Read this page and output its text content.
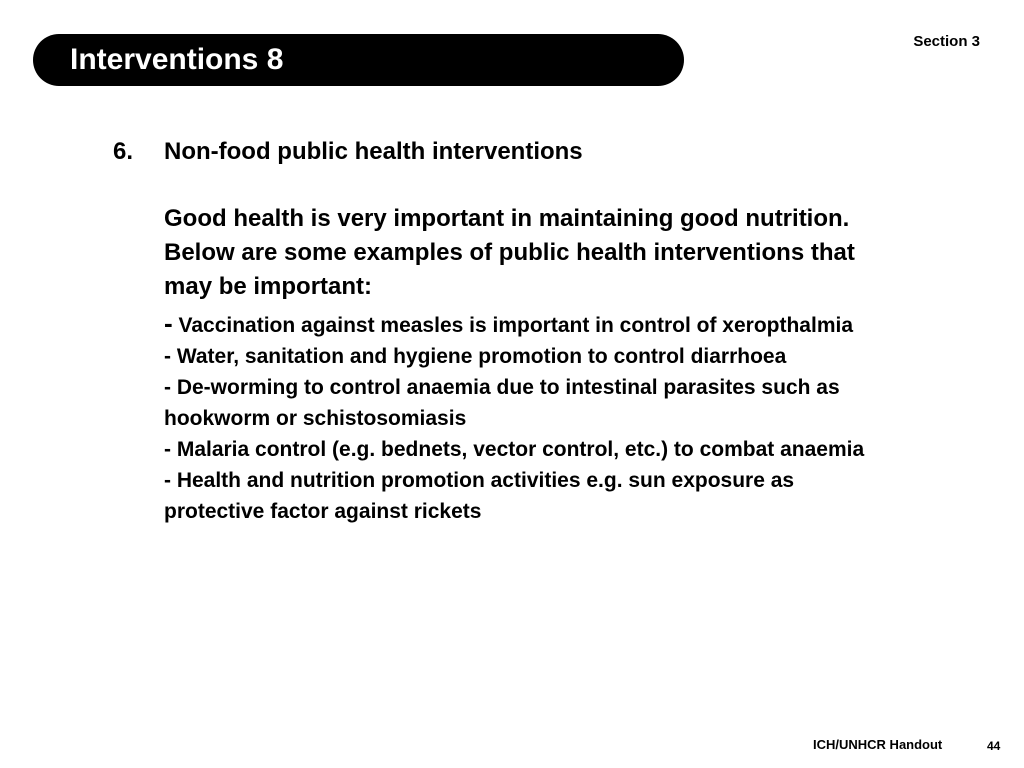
Interventions 8
Section 3
6. Non-food public health interventions

Good health is very important in maintaining good nutrition. Below are some examples of public health interventions that may be important:

- Vaccination against measles is important in control of xeropthalmia
- Water, sanitation and hygiene promotion to control diarrhoea
- De-worming to control anaemia due to intestinal parasites such as hookworm or schistosomiasis
- Malaria control (e.g. bednets, vector control, etc.) to combat anaemia
- Health and nutrition promotion activities e.g. sun exposure as protective factor against rickets
ICH/UNHCR Handout	44
